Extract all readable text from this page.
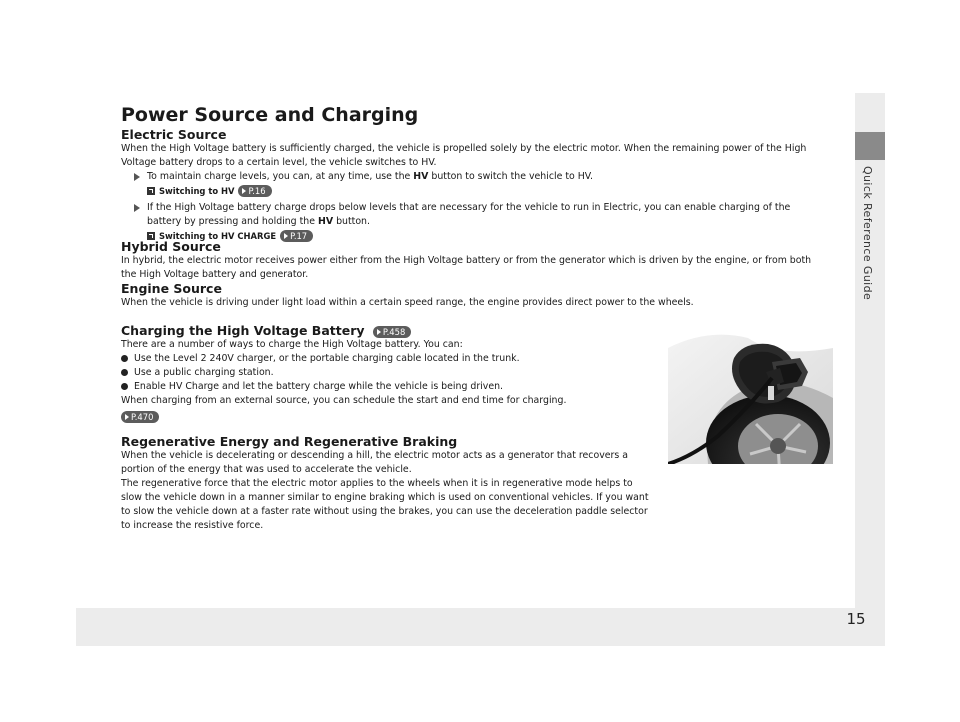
Quick Reference Guide
15
Power Source and Charging
Electric Source

When the High Voltage battery is sufficiently charged, the vehicle is propelled solely by the electric motor. When the remaining power of the High Voltage battery drops to a certain level, the vehicle switches to HV.

To maintain charge levels, you can, at any time, use the HV button to switch the vehicle to HV.
Switching to HV	P.16
If the High Voltage battery charge drops below levels that are necessary for the vehicle to run in Electric, you can enable charging of the battery by pressing and holding the HV button.
Switching to HV CHARGE	P.17
Hybrid Source

In hybrid, the electric motor receives power either from the High Voltage battery or from the generator which is driven by the engine, or from both the High Voltage battery and generator.

Engine Source

When the vehicle is driving under light load within a certain speed range, the engine provides direct power to the wheels.

Charging the High Voltage Battery P.458

There are a number of ways to charge the High Voltage battery. You can:

Use the Level 2 240V charger, or the portable charging cable located in the trunk.
Use a public charging station.
Enable HV Charge and let the battery charge while the vehicle is being driven.

When charging from an external source, you can schedule the start and end time for charging.

P.470
Regenerative Energy and Regenerative Braking

When the vehicle is decelerating or descending a hill, the electric motor acts as a generator that recovers a portion of the energy that was used to accelerate the vehicle.

The regenerative force that the electric motor applies to the wheels when it is in regenerative mode helps to slow the vehicle down in a manner similar to engine braking which is used on conventional vehicles. If you want to slow the vehicle down at a faster rate without using the brakes, you can use the deceleration paddle selector to increase the resistive force.
